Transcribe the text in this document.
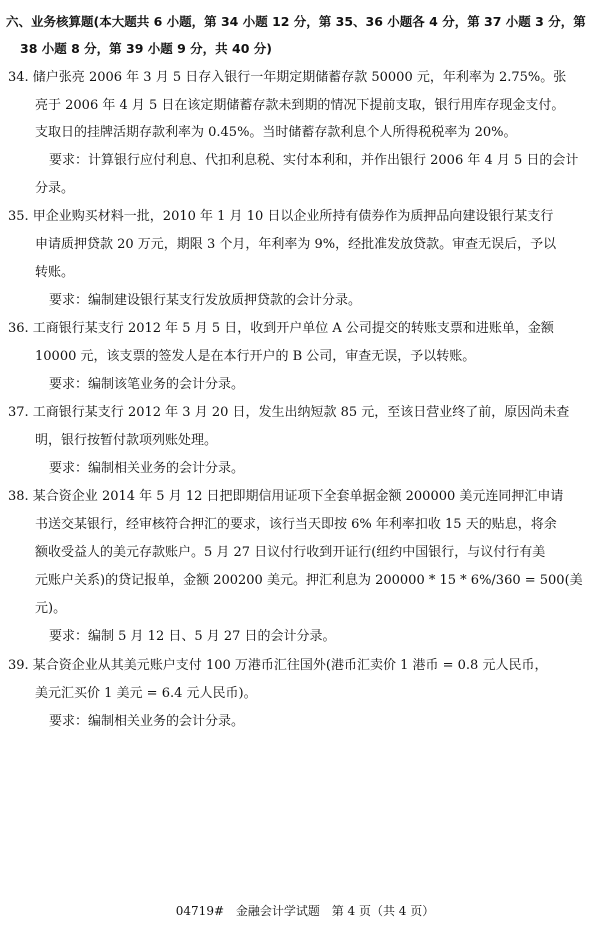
六、业务核算题(本大题共 6 小题，第 34 小题 12 分，第 35、36 小题各 4 分，第 37 小题 3 分，第
38 小题 8 分，第 39 小题 9 分，共 40 分)
34. 储户张亮 2006 年 3 月 5 日存入银行一年期定期储蓄存款 50000 元，年利率为 2.75%。张
亮于 2006 年 4 月 5 日在该定期储蓄存款未到期的情况下提前支取，银行用库存现金支付。
支取日的挂牌活期存款利率为 0.45%。当时储蓄存款利息个人所得税税率为 20%。
要求：计算银行应付利息、代扣利息税、实付本利和，并作出银行 2006 年 4 月 5 日的会计
分录。
35. 甲企业购买材料一批，2010 年 1 月 10 日以企业所持有债券作为质押品向建设银行某支行
申请质押贷款 20 万元，期限 3 个月，年利率为 9%，经批准发放贷款。审查无误后，予以
转账。
要求：编制建设银行某支行发放质押贷款的会计分录。
36. 工商银行某支行 2012 年 5 月 5 日，收到开户单位 A 公司提交的转账支票和进账单，金额
10000 元，该支票的签发人是在本行开户的 B 公司，审查无误，予以转账。
要求：编制该笔业务的会计分录。
37. 工商银行某支行 2012 年 3 月 20 日，发生出纳短款 85 元，至该日营业终了前，原因尚未查
明，银行按暂付款项列账处理。
要求：编制相关业务的会计分录。
38. 某合资企业 2014 年 5 月 12 日把即期信用证项下全套单据金额 200000 美元连同押汇申请
书送交某银行，经审核符合押汇的要求，该行当天即按 6% 年利率扣收 15 天的贴息，将余
额收受益人的美元存款账户。5 月 27 日议付行收到开证行(纽约中国银行，与议付行有美
元账户关系)的贷记报单，金额 200200 美元。押汇利息为 200000 * 15 * 6%/360 = 500(美
元)。
要求：编制 5 月 12 日、5 月 27 日的会计分录。
39. 某合资企业从其美元账户支付 100 万港币汇往国外(港币汇卖价 1 港币 = 0.8 元人民币，
美元汇买价 1 美元 = 6.4 元人民币)。
要求：编制相关业务的会计分录。
04719# 金融会计学试题 第 4 页（共 4 页）
